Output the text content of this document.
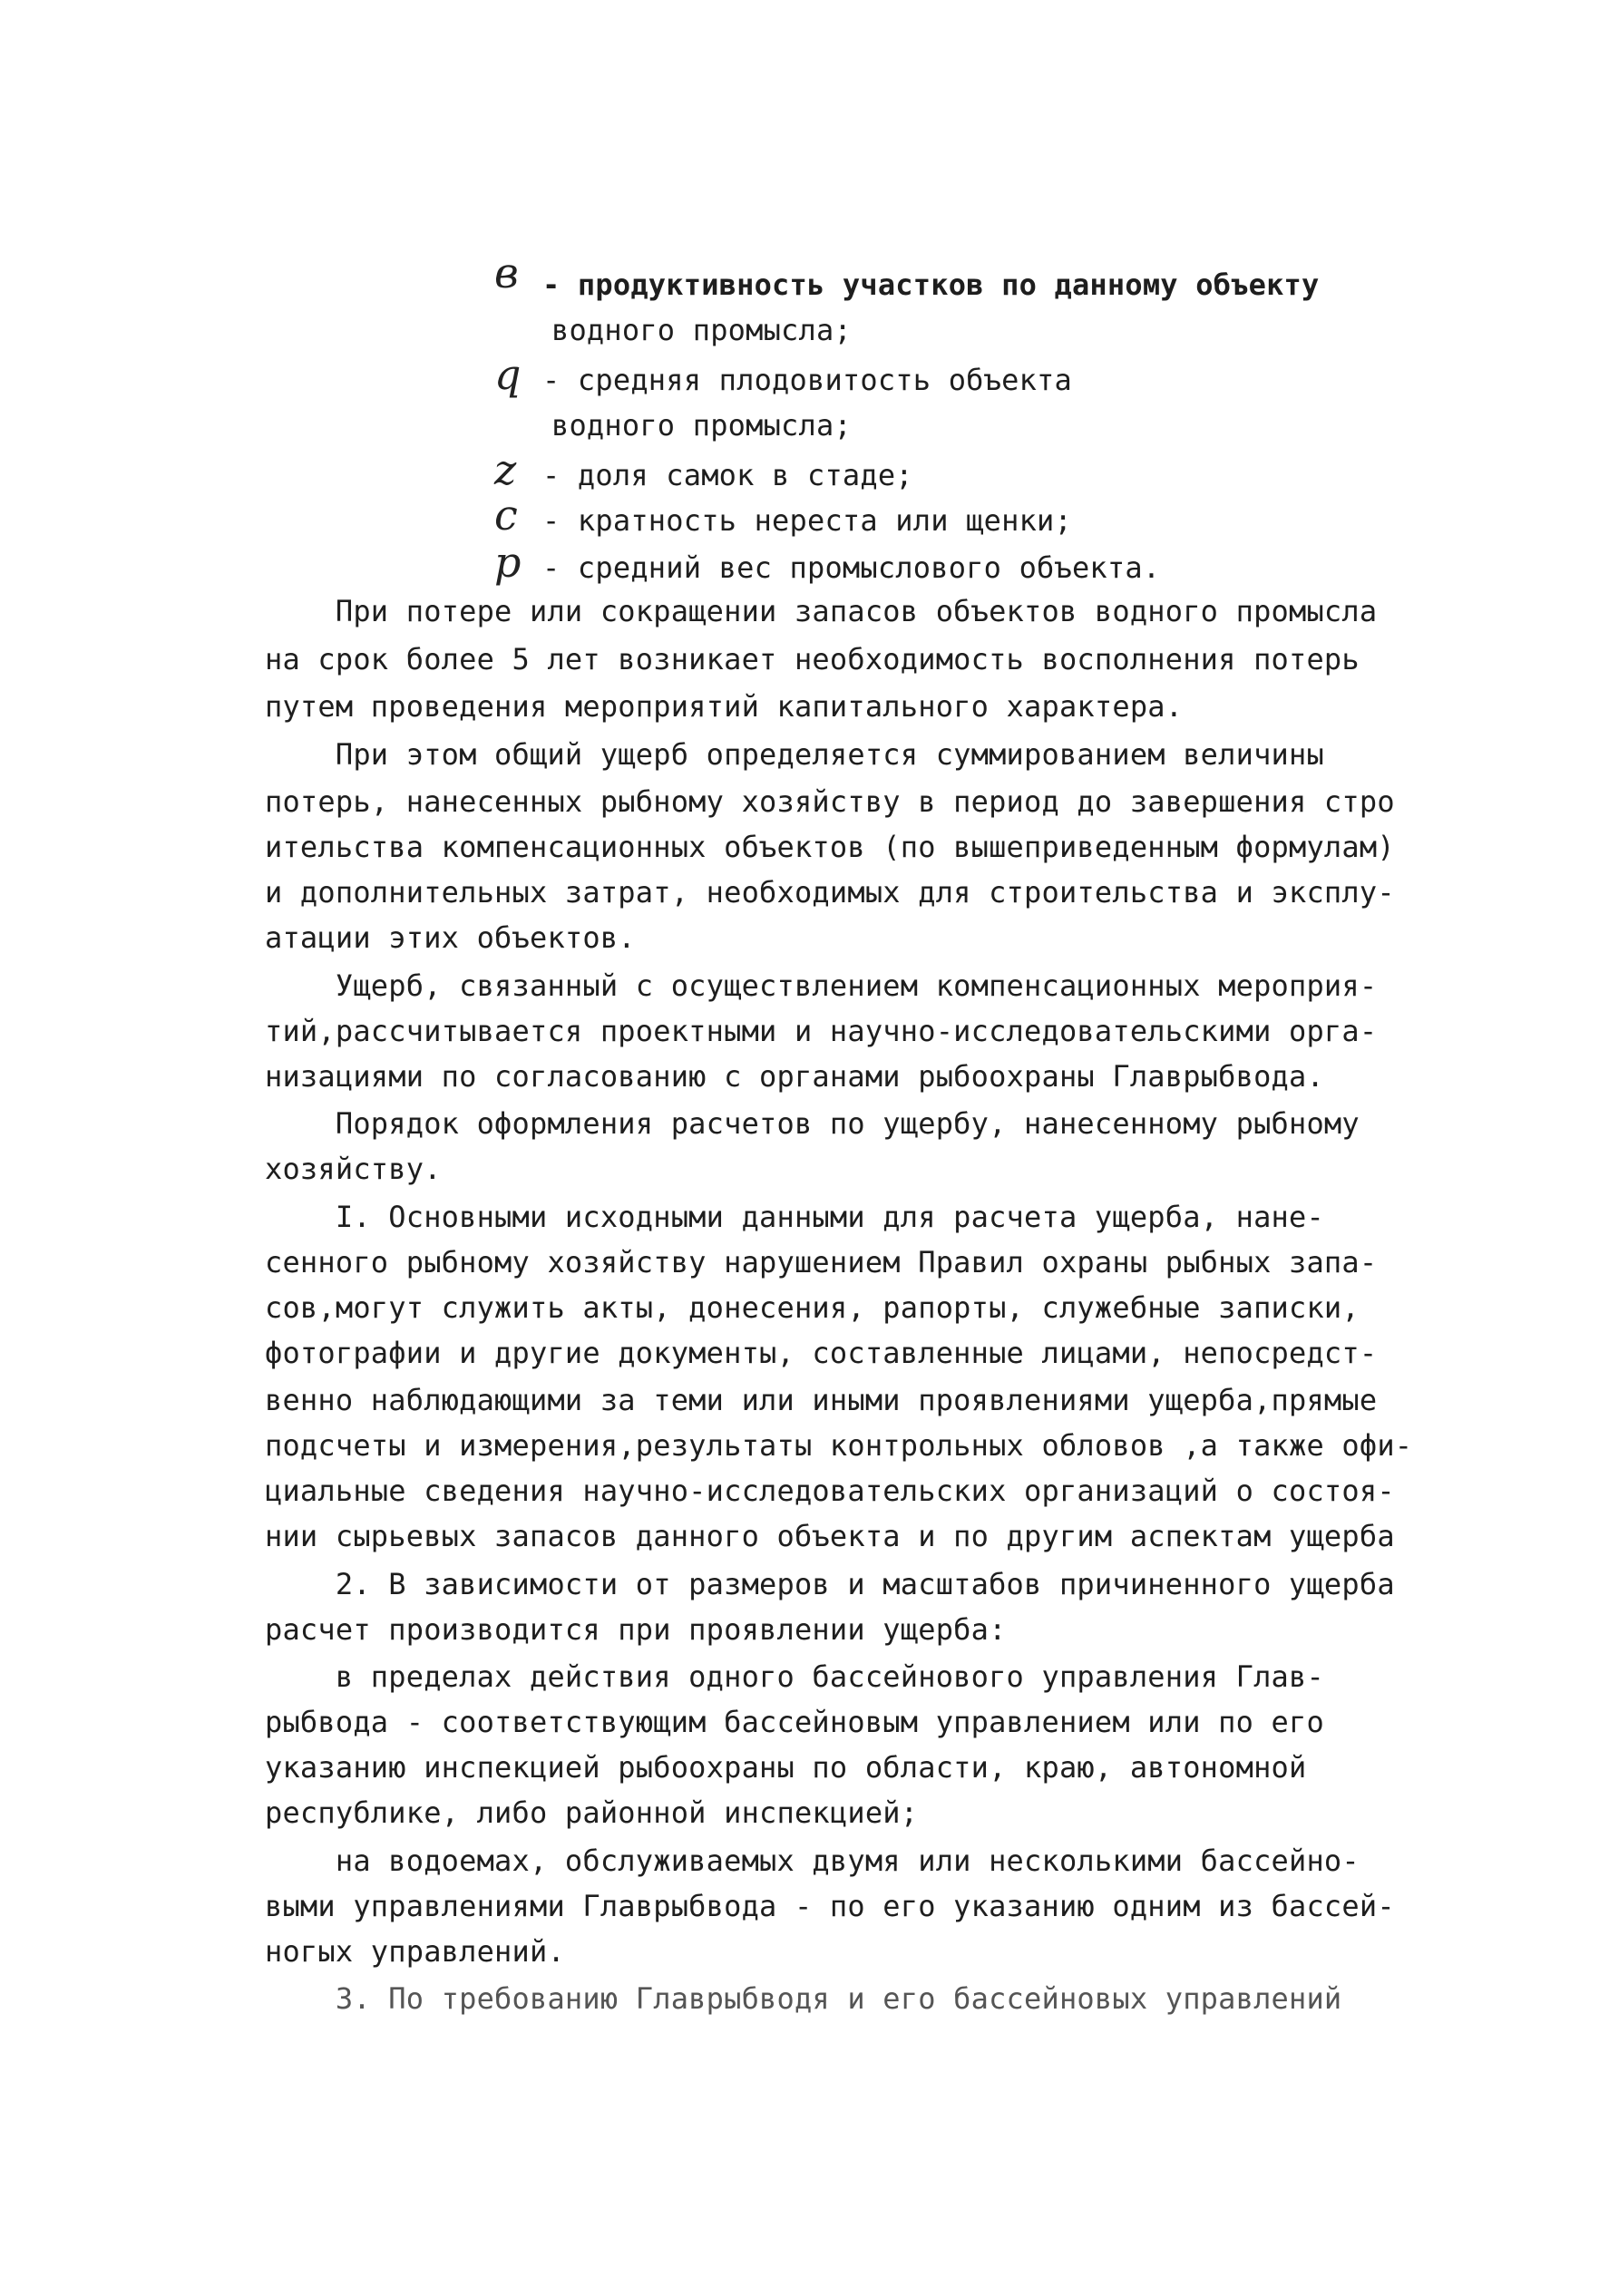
в - продуктивность участков по данному объекту
водного промысла;
q - средняя плодовитость объекта
водного промысла;
z - доля самок в стаде;
с - кратность нереста или щенки;
р - средний вес промыслового объекта.
При потере или сокращении запасов объектов водного промысла
на срок более 5 лет возникает необходимость восполнения потерь
путем проведения мероприятий капитального характера.
При этом общий ущерб определяется суммированием величины
потерь, нанесенных рыбному хозяйству в период до завершения стро
ительства компенсационных объектов (по вышеприведенным формулам)
и дополнительных затрат, необходимых для строительства и эксплу-
атации этих объектов.
Ущерб, связанный с осуществлением компенсационных мероприя-
тий,рассчитывается проектными и научно-исследовательскими орга-
низациями по согласованию с органами рыбоохраны Главрыбвода.
Порядок оформления расчетов по ущербу, нанесенному рыбному
хозяйству.
I. Основными исходными данными для расчета ущерба, нане-
сенного рыбному хозяйству нарушением Правил охраны рыбных запа-
сов,могут служить акты, донесения, рапорты, служебные записки,
фотографии и другие документы, составленные лицами, непосредст-
венно наблюдающими за теми или иными проявлениями ущерба,прямые
подсчеты и измерения,результаты контрольных обловов ,а также офи-
циальные сведения научно-исследовательских организаций о состоя-
нии сырьевых запасов данного объекта и по другим аспектам ущерба
2. В зависимости от размеров и масштабов причиненного ущерба
расчет производится при проявлении ущерба:
в пределах действия одного бассейнового управления Глав-
рыбвода - соответствующим бассейновым управлением или по его
указанию инспекцией рыбоохраны по области, краю, автономной
республике, либо районной инспекцией;
на водоемах, обслуживаемых двумя или несколькими бассейно-
выми управлениями Главрыбвода - по его указанию одним из бассей-
ногых управлений.
3. По требованию Главрыбводя и его бассейновых управлений
